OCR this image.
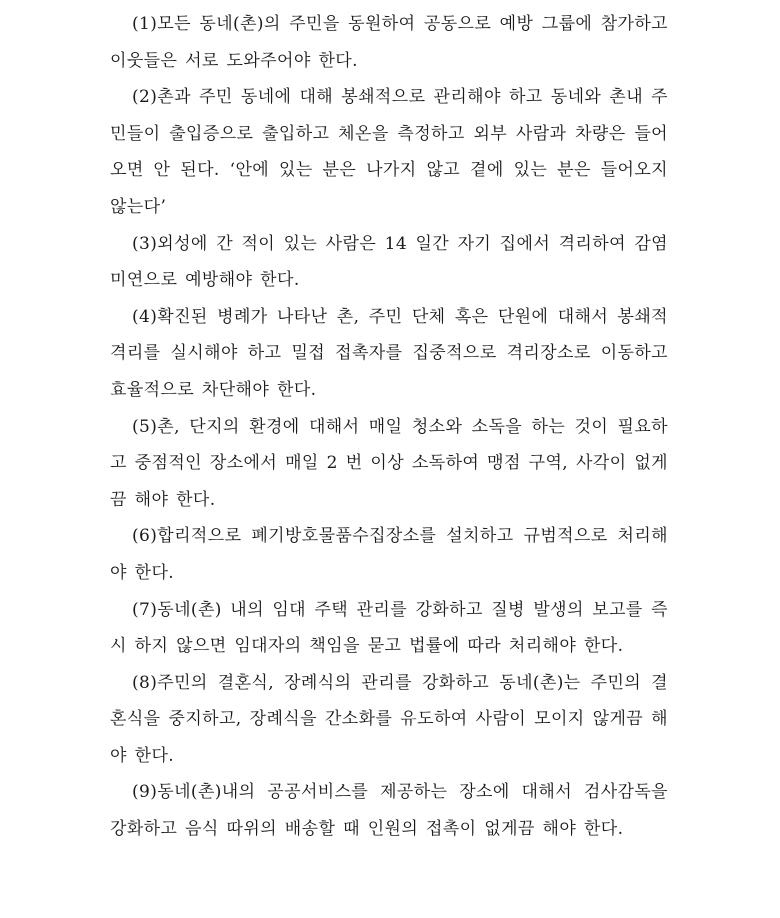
(1)모든 동네(촌)의 주민을 동원하여 공동으로 예방 그룹에 참가하고 이웃들은 서로 도와주어야 한다.

(2)촌과 주민 동네에 대해 봉쇄적으로 관리해야 하고 동네와 촌내 주민들이 출입증으로 출입하고 체온을 측정하고 외부 사람과 차량은 들어오면 안 된다. ‘안에 있는 분은 나가지 않고 곁에 있는 분은 들어오지 않는다’

(3)외성에 간 적이 있는 사람은 14 일간 자기 집에서 격리하여 감염 미연으로 예방해야 한다.

(4)확진된 병례가 나타난 촌, 주민 단체 혹은 단원에 대해서 봉쇄적 격리를 실시해야 하고 밀접 접촉자를 집중적으로 격리장소로 이동하고 효율적으로 차단해야 한다.

(5)촌, 단지의 환경에 대해서 매일 청소와 소독을 하는 것이 필요하고 중점적인 장소에서 매일 2 번 이상 소독하여 맹점 구역, 사각이 없게끔 해야 한다.

(6)합리적으로 폐기방호물품수집장소를 설치하고 규범적으로 처리해야 한다.

(7)동네(촌) 내의 임대 주택 관리를 강화하고 질병 발생의 보고를 즉시 하지 않으면 임대자의 책임을 묻고 법률에 따라 처리해야 한다.

(8)주민의 결혼식, 장례식의 관리를 강화하고 동네(촌)는 주민의 결혼식을 중지하고, 장례식을 간소화를 유도하여 사람이 모이지 않게끔 해야 한다.

(9)동네(촌)내의 공공서비스를 제공하는 장소에 대해서 검사감독을 강화하고 음식 따위의 배송할 때 인원의 접촉이 없게끔 해야 한다.
